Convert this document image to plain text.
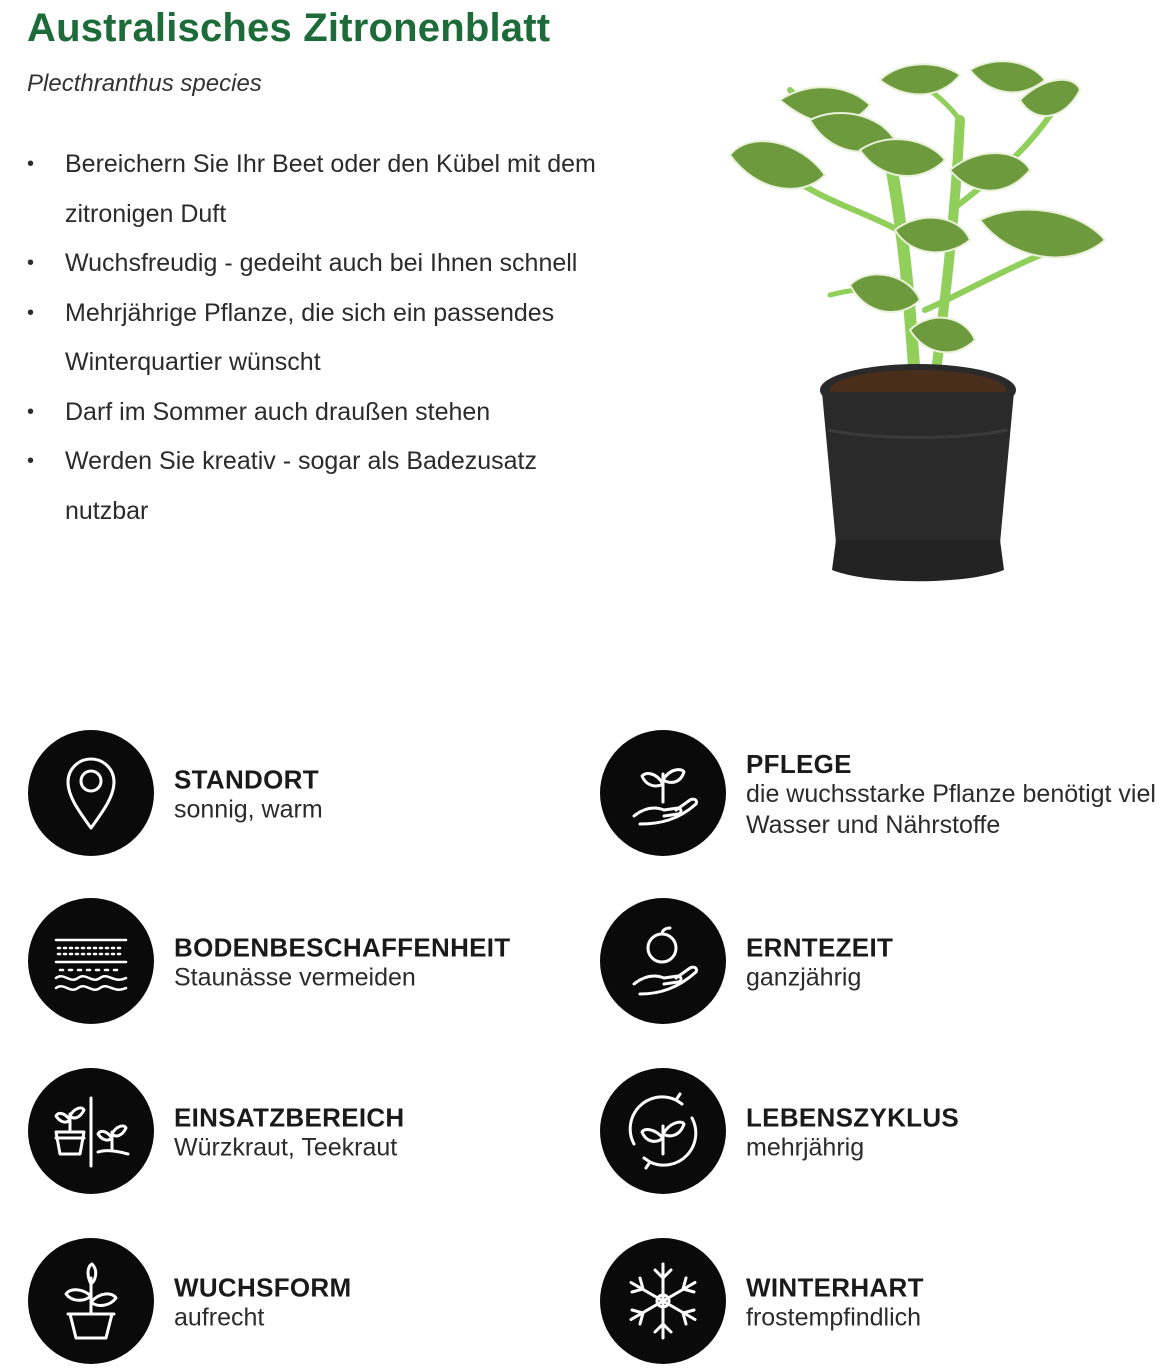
Australisches Zitronenblatt
Plecthranthus species
• Bereichern Sie Ihr Beet oder den Kübel mit dem zitronigen Duft
• Wuchsfreudig - gedeiht auch bei Ihnen schnell
• Mehrjährige Pflanze, die sich ein passendes Winterquartier wünscht
• Darf im Sommer auch draußen stehen
• Werden Sie kreativ - sogar als Badezusatz nutzbar
STANDORT
sonnig, warm
PFLEGE
die wuchsstarke Pflanze benötigt viel Wasser und Nährstoffe
BODENBESCHAFFENHEIT
Staunässe vermeiden
ERNTEZEIT
ganzjährig
EINSATZBEREICH
Würzkraut, Teekraut
LEBENSZYKLUS
mehrjährig
WUCHSFORM
aufrecht
WINTERHART
frostempfindlich
